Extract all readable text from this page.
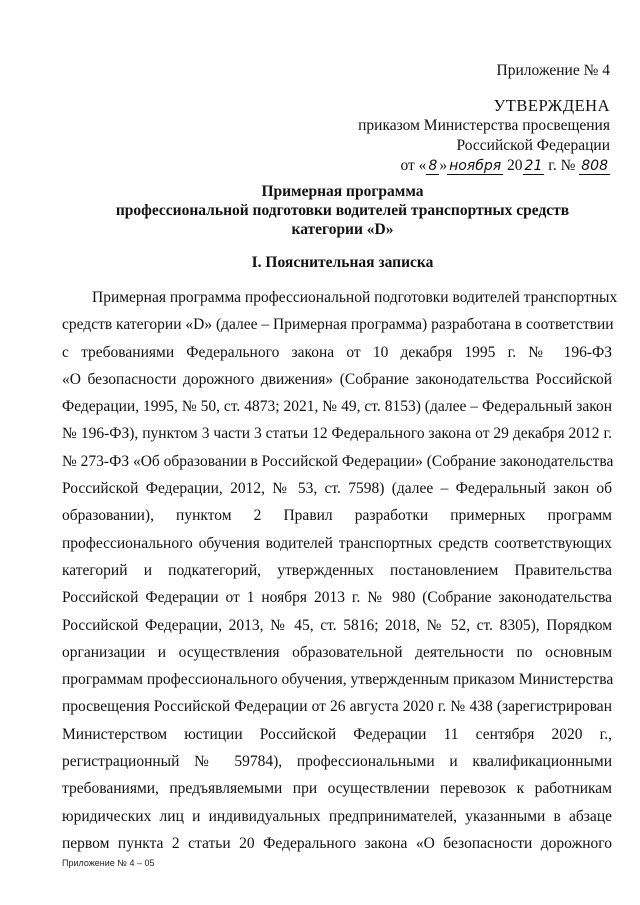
Приложение № 4
УТВЕРЖДЕНА
приказом Министерства просвещения
Российской Федерации
от « 8 » ноября 20 21 г. № 808
Примерная программа
профессиональной подготовки водителей транспортных средств
категории «D»
I. Пояснительная записка
Примерная программа профессиональной подготовки водителей транспортных
средств категории «D» (далее – Примерная программа) разработана в соответствии
с требованиями Федерального закона от 10 декабря 1995 г. № 196-ФЗ
«О безопасности дорожного движения» (Собрание законодательства Российской
Федерации, 1995, № 50, ст. 4873; 2021, № 49, ст. 8153) (далее – Федеральный закон
№ 196-ФЗ), пунктом 3 части 3 статьи 12 Федерального закона от 29 декабря 2012 г.
№ 273-ФЗ «Об образовании в Российской Федерации» (Собрание законодательства
Российской Федерации, 2012, № 53, ст. 7598) (далее – Федеральный закон об
образовании), пунктом 2 Правил разработки примерных программ
профессионального обучения водителей транспортных средств соответствующих
категорий и подкатегорий, утвержденных постановлением Правительства
Российской Федерации от 1 ноября 2013 г. № 980 (Собрание законодательства
Российской Федерации, 2013, № 45, ст. 5816; 2018, № 52, ст. 8305), Порядком
организации и осуществления образовательной деятельности по основным
программам профессионального обучения, утвержденным приказом Министерства
просвещения Российской Федерации от 26 августа 2020 г. № 438 (зарегистрирован
Министерством юстиции Российской Федерации 11 сентября 2020 г.,
регистрационный № 59784), профессиональными и квалификационными
требованиями, предъявляемыми при осуществлении перевозок к работникам
юридических лиц и индивидуальных предпринимателей, указанными в абзаце
первом пункта 2 статьи 20 Федерального закона «О безопасности дорожного
Приложение № 4 – 05
